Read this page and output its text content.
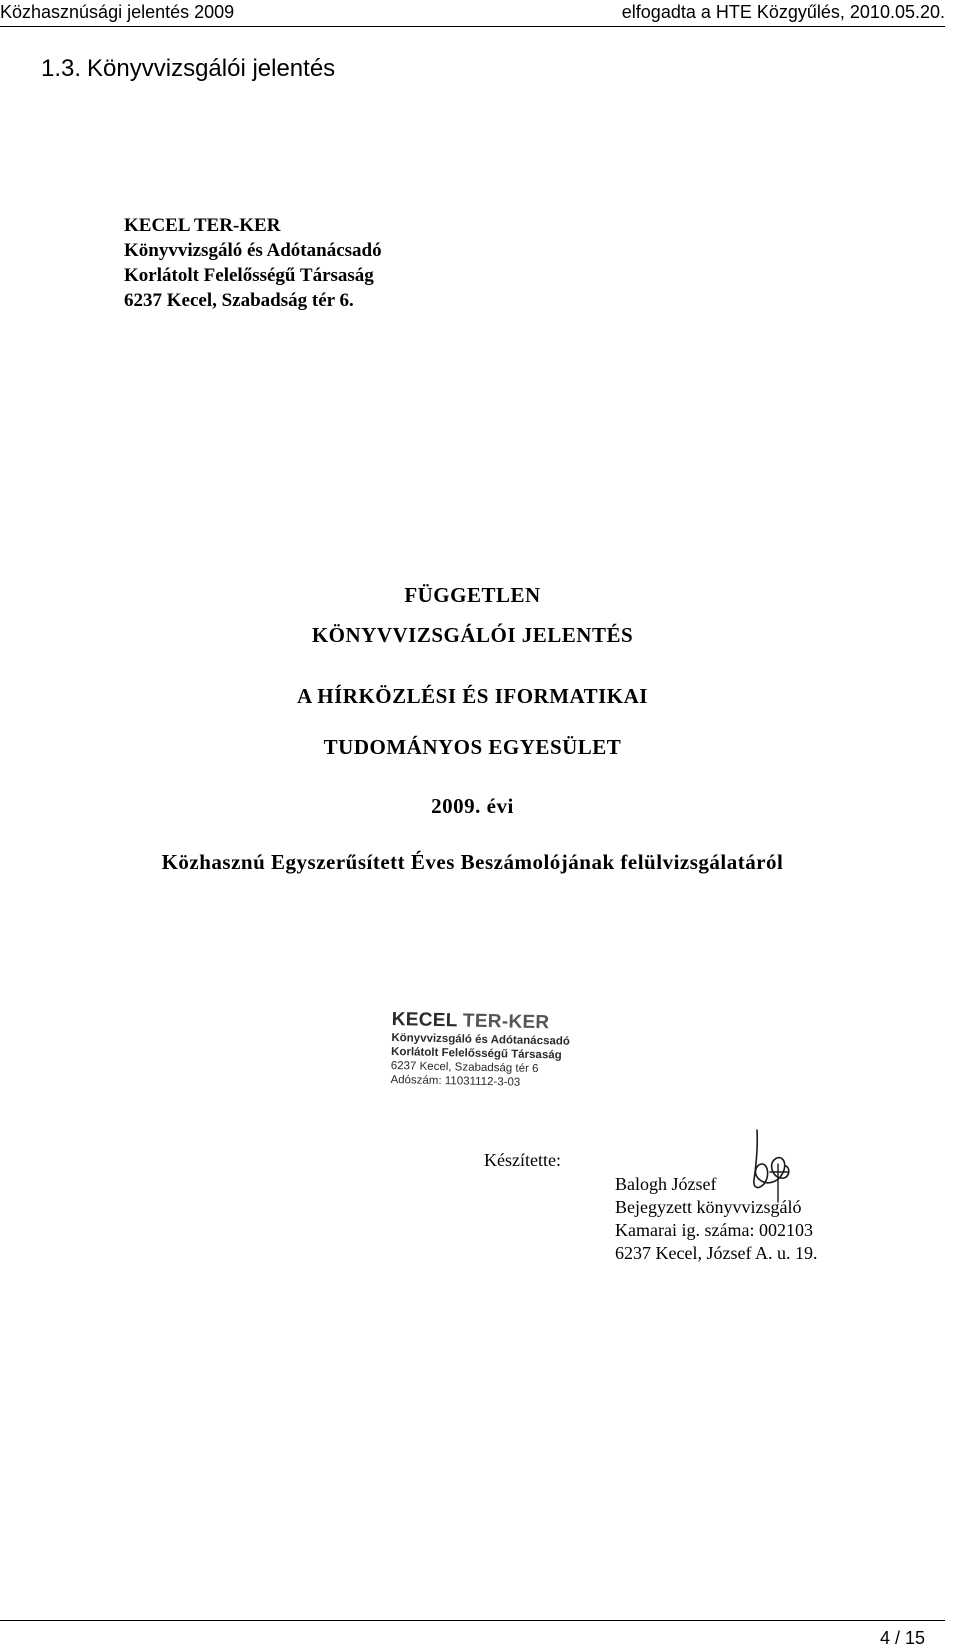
Közhasznúsági jelentés 2009	elfogadta a HTE Közgyűlés, 2010.05.20.
1.3. Könyvvizsgálói jelentés
KECEL TER-KER
Könyvvizsgáló és Adótanácsadó
Korlátolt Felelősségű Társaság
6237 Kecel, Szabadság tér 6.
FÜGGETLEN
KÖNYVVIZSGÁLÓI JELENTÉS
A HÍRKÖZLÉSI ÉS IFORMATIKAI
TUDOMÁNYOS EGYESÜLET
2009. évi
Közhasznú Egyszerűsített Éves Beszámolójának felülvizsgálatáról
KECEL TER-KER
Könyvvizsgáló és Adótanácsadó
Korlátolt Felelősségű Társaság
6237 Kecel, Szabadság tér 6
Adószám: 11031112-3-03
Készítette:
Balogh József
Bejegyzett könyvvizsgáló
Kamarai ig. száma: 002103
6237 Kecel, József A. u. 19.
4 / 15
